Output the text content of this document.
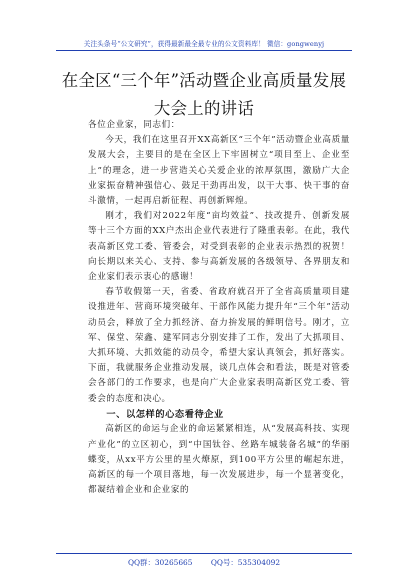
关注头条号“公文研究”，获得最新最全最专业的公文资料库！ 微信：gongwenyj
在全区“三个年”活动暨企业高质量发展
大会上的讲话

各位企业家，同志们：

今天，我们在这里召开XX高新区“三个年”活动暨企业高质量发展大会，主要目的是在全区上下牢固树立“项目至上、企业至上”的理念，进一步营造关心关爱企业的浓厚氛围，激励广大企业家振奋精神强信心、鼓足干劲再出发，以干大事、快干事的奋斗激情，一起再启新征程、再创新辉煌。

刚才，我们对2022年度“亩均效益”、技改提升、创新发展等十三个方面的XX户杰出企业代表进行了隆重表彰。在此，我代表高新区党工委、管委会，对受到表彰的企业表示热烈的祝贺！向长期以来关心、支持、参与高新发展的各级领导、各界朋友和企业家们表示衷心的感谢！

春节收假第一天，省委、省政府就召开了全省高质量项目建设推进年、营商环境突破年、干部作风能力提升年“三个年”活动动员会，释放了全力抓经济、奋力拚发展的鲜明信号。刚才，立军、保堂、荣鑫、建军同志分别安排了工作，发出了大抓项目、大抓环境、大抓效能的动员令，希望大家认真领会，抓好落实。下面，我就服务企业推动发展，谈几点体会和看法，既是对管委会各部门的工作要求，也是向广大企业家表明高新区党工委、管委会的态度和决心。

一、以怎样的心态看待企业

高新区的命运与企业的命运紧紧相连，从“发展高科技、实现产业化”的立区初心，到“中国钛谷、丝路车城装备名城”的华丽蝶变，从xx平方公里的星火燎原，到100平方公里的崛起东进，高新区的每一个项目落地，每一次发展进步，每一个显著变化，都凝结着企业和企业家的

QQ群：30265665 QQ号：535304092
